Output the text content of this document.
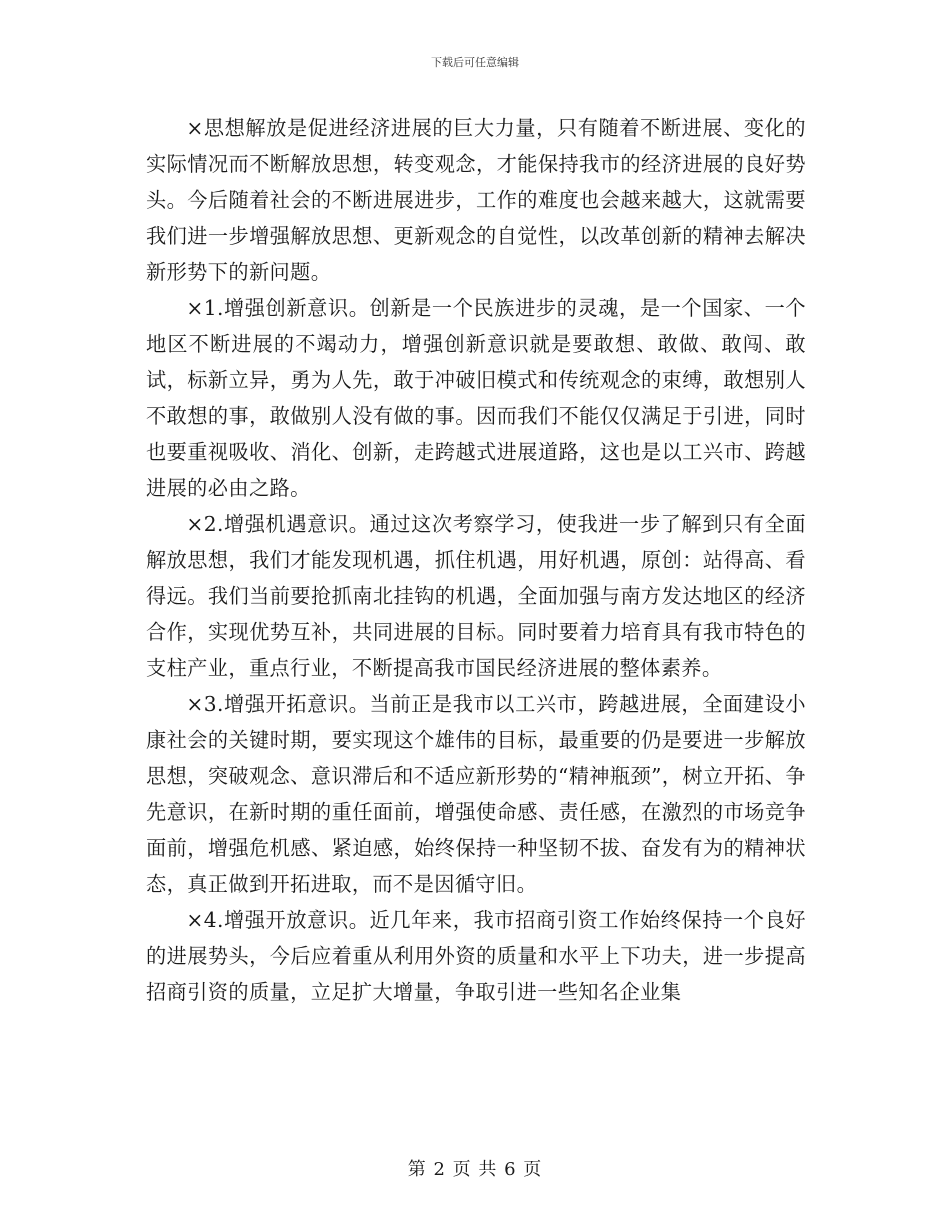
下载后可任意编辑

×思想解放是促进经济进展的巨大力量，只有随着不断进展、变化的实际情况而不断解放思想，转变观念，才能保持我市的经济进展的良好势头。今后随着社会的不断进展进步，工作的难度也会越来越大，这就需要我们进一步增强解放思想、更新观念的自觉性，以改革创新的精神去解决新形势下的新问题。

×1.增强创新意识。创新是一个民族进步的灵魂，是一个国家、一个地区不断进展的不竭动力，增强创新意识就是要敢想、敢做、敢闯、敢试，标新立异，勇为人先，敢于冲破旧模式和传统观念的束缚，敢想别人不敢想的事，敢做别人没有做的事。因而我们不能仅仅满足于引进，同时也要重视吸收、消化、创新，走跨越式进展道路，这也是以工兴市、跨越进展的必由之路。

×2.增强机遇意识。通过这次考察学习，使我进一步了解到只有全面解放思想，我们才能发现机遇，抓住机遇，用好机遇，原创：站得高、看得远。我们当前要抢抓南北挂钩的机遇，全面加强与南方发达地区的经济合作，实现优势互补，共同进展的目标。同时要着力培育具有我市特色的支柱产业，重点行业，不断提高我市国民经济进展的整体素养。

×3.增强开拓意识。当前正是我市以工兴市，跨越进展，全面建设小康社会的关键时期，要实现这个雄伟的目标，最重要的仍是要进一步解放思想，突破观念、意识滞后和不适应新形势的“精神瓶颈”，树立开拓、争先意识，在新时期的重任面前，增强使命感、责任感，在激烈的市场竞争面前，增强危机感、紧迫感，始终保持一种坚韧不拔、奋发有为的精神状态，真正做到开拓进取，而不是因循守旧。

×4.增强开放意识。近几年来，我市招商引资工作始终保持一个良好的进展势头，今后应着重从利用外资的质量和水平上下功夫，进一步提高招商引资的质量，立足扩大增量，争取引进一些知名企业集

第 2 页 共 6 页
